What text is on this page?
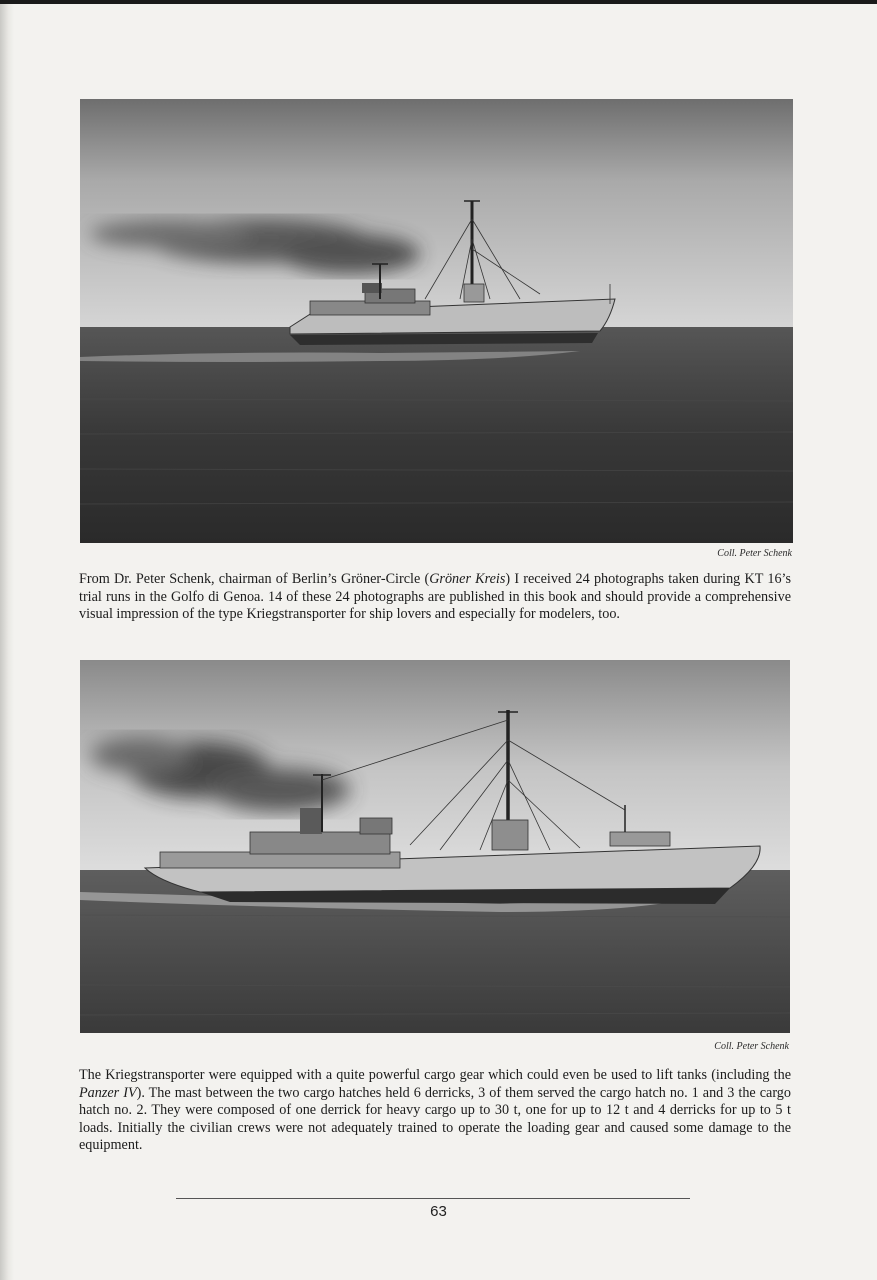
Coll. Peter Schenk

From Dr. Peter Schenk, chairman of Berlin’s Gröner-Circle (Gröner Kreis) I received 24 photographs taken during KT 16’s trial runs in the Golfo di Genoa. 14 of these 24 photographs are published in this book and should provide a comprehensive visual impression of the type Kriegstransporter for ship lovers and especially for modelers, too.

Coll. Peter Schenk

The Kriegstransporter were equipped with a quite powerful cargo gear which could even be used to lift tanks (including the Panzer IV). The mast between the two cargo hatches held 6 derricks, 3 of them served the cargo hatch no. 1 and 3 the cargo hatch no. 2. They were composed of one derrick for heavy cargo up to 30 t, one for up to 12 t and 4 derricks for up to 5 t loads. Initially the civilian crews were not adequately trained to operate the loading gear and caused some damage to the equipment.

63
